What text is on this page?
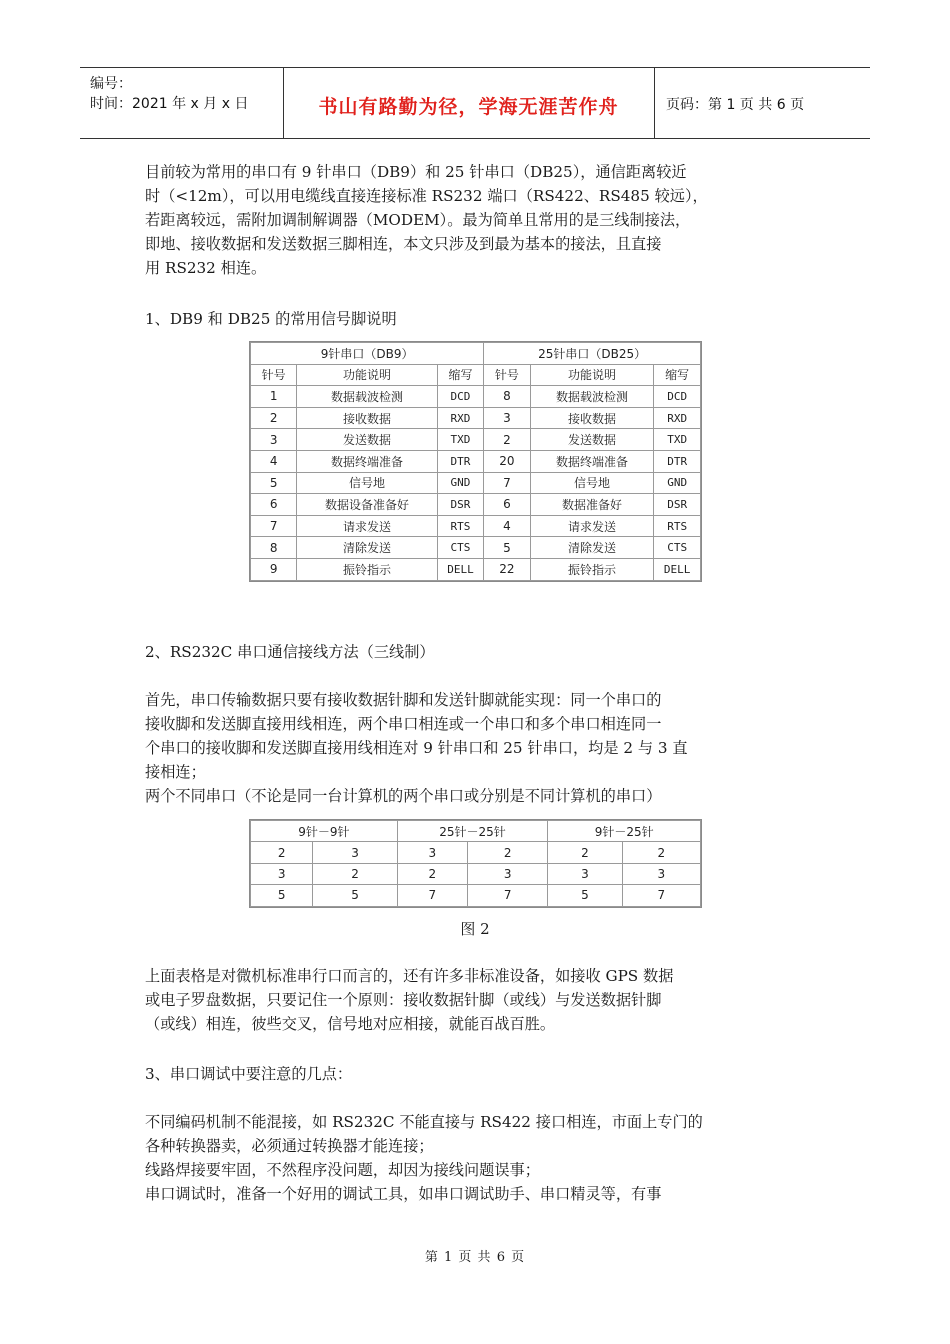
编号：
时间：2021 年 x 月 x 日	书山有路勤为径，学海无涯苦作舟	页码：第 1 页 共 6 页
目前较为常用的串口有 9 针串口（DB9）和 25 针串口（DB25），通信距离较近
时（<12m），可以用电缆线直接连接标准 RS232 端口（RS422、RS485 较远），
若距离较远，需附加调制解调器（MODEM）。最为简单且常用的是三线制接法，
即地、接收数据和发送数据三脚相连，本文只涉及到最为基本的接法，且直接
用 RS232 相连。
1、DB9 和 DB25 的常用信号脚说明
9针串口（DB9）			25针串口（DB25）		
针号	功能说明	缩写	针号	功能说明	缩写
1	数据载波检测	DCD	8	数据载波检测	DCD
2	接收数据	RXD	3	接收数据	RXD
3	发送数据	TXD	2	发送数据	TXD
4	数据终端准备	DTR	20	数据终端准备	DTR
5	信号地	GND	7	信号地	GND
6	数据设备准备好	DSR	6	数据准备好	DSR
7	请求发送	RTS	4	请求发送	RTS
8	清除发送	CTS	5	清除发送	CTS
9	振铃指示	DELL	22	振铃指示	DELL
2、RS232C 串口通信接线方法（三线制）
首先，串口传输数据只要有接收数据针脚和发送针脚就能实现：同一个串口的
接收脚和发送脚直接用线相连，两个串口相连或一个串口和多个串口相连同一
个串口的接收脚和发送脚直接用线相连对 9 针串口和 25 针串口，均是 2 与 3 直
接相连；
两个不同串口（不论是同一台计算机的两个串口或分别是不同计算机的串口）
9针－9针		25针－25针		9针－25针	
2	3	3	2	2	2
3	2	2	3	3	3
5	5	7	7	5	7
图 2
上面表格是对微机标准串行口而言的，还有许多非标准设备，如接收 GPS 数据
或电子罗盘数据，只要记住一个原则：接收数据针脚（或线）与发送数据针脚
（或线）相连，彼些交叉，信号地对应相接，就能百战百胜。
3、串口调试中要注意的几点：
不同编码机制不能混接，如 RS232C 不能直接与 RS422 接口相连，市面上专门的
各种转换器卖，必须通过转换器才能连接；
线路焊接要牢固，不然程序没问题，却因为接线问题误事；
串口调试时，准备一个好用的调试工具，如串口调试助手、串口精灵等，有事
第 1 页 共 6 页
